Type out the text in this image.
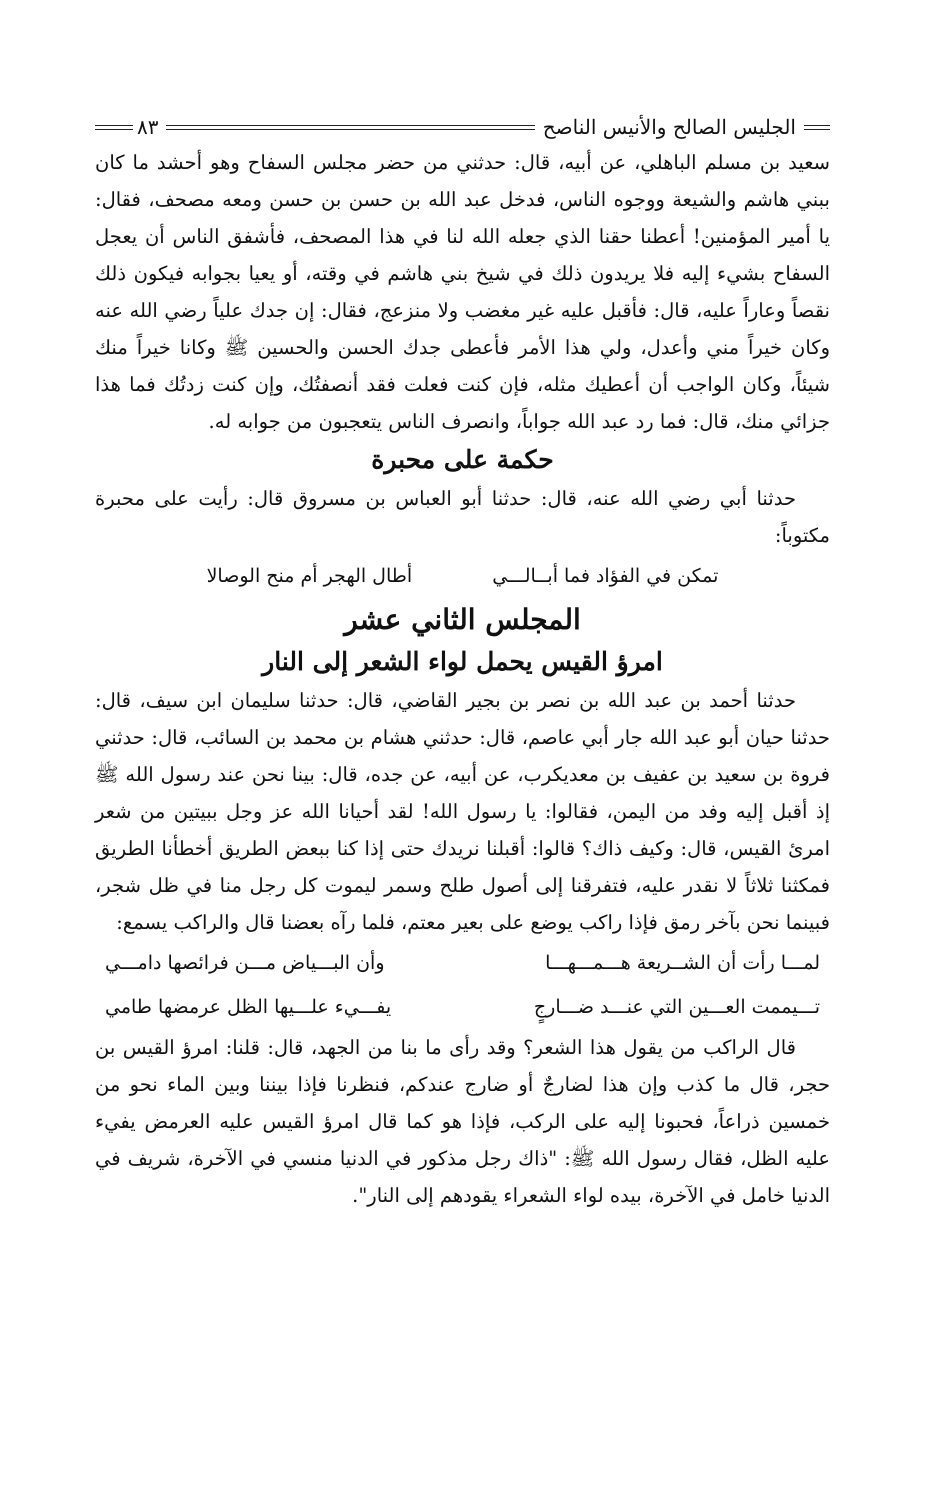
الجليس الصالح والأنيس الناصح
٨٣

سعيد بن مسلم الباهلي، عن أبيه، قال: حدثني من حضر مجلس السفاح وهو أحشد ما كان ببني هاشم والشيعة ووجوه الناس، فدخل عبد الله بن حسن بن حسن ومعه مصحف، فقال: يا أمير المؤمنين! أعطنا حقنا الذي جعله الله لنا في هذا المصحف، فأشفق الناس أن يعجل السفاح بشيء إليه فلا يريدون ذلك في شيخ بني هاشم في وقته، أو يعيا بجوابه فيكون ذلك نقصاً وعاراً عليه، قال: فأقبل عليه غير مغضب ولا منزعج، فقال: إن جدك علياً رضي الله عنه وكان خيراً مني وأعدل، ولي هذا الأمر فأعطى جدك الحسن والحسين ﷺ وكانا خيراً منك شيئاً، وكان الواجب أن أعطيك مثله، فإن كنت فعلت فقد أنصفتُك، وإن كنت زدتُك فما هذا جزائي منك، قال: فما رد عبد الله جواباً، وانصرف الناس يتعجبون من جوابه له.

حكمة على محبرة

حدثنا أبي رضي الله عنه، قال: حدثنا أبو العباس بن مسروق قال: رأيت على محبرة مكتوباً:

تمكن في الفؤاد فما أبــالـــي
أطال الهجر أم منح الوصالا
المجلس الثاني عشر
امرؤ القيس يحمل لواء الشعر إلى النار

حدثنا أحمد بن عبد الله بن نصر بن بجير القاضي، قال: حدثنا سليمان ابن سيف، قال: حدثنا حيان أبو عبد الله جار أبي عاصم، قال: حدثني هشام بن محمد بن السائب، قال: حدثني فروة بن سعيد بن عفيف بن معديكرب، عن أبيه، عن جده، قال: بينا نحن عند رسول الله ﷺ إذ أقبل إليه وفد من اليمن، فقالوا: يا رسول الله! لقد أحيانا الله عز وجل ببيتين من شعر امرئ القيس، قال: وكيف ذاك؟ قالوا: أقبلنا نريدك حتى إذا كنا ببعض الطريق أخطأنا الطريق فمكثنا ثلاثاً لا نقدر عليه، فتفرقنا إلى أصول طلح وسمر ليموت كل رجل منا في ظل شجر، فبينما نحن بآخر رمق فإذا راكب يوضع على بعير معتم، فلما رآه بعضنا قال والراكب يسمع:

لمـــا رأت أن الشــريعة هـــمـــهـــا
وأن البـــياض مـــن فرائصها دامـــي
تـــيممت العـــين التي عنـــد ضـــارجٍ
يفـــيء علـــيها الظل عرمضها طامي

قال الراكب من يقول هذا الشعر؟ وقد رأى ما بنا من الجهد، قال: قلنا: امرؤ القيس بن حجر، قال ما كذب وإن هذا لضارجٌ أو ضارج عندكم، فنظرنا فإذا بيننا وبين الماء نحو من خمسين ذراعاً، فحبونا إليه على الركب، فإذا هو كما قال امرؤ القيس عليه العرمض يفيء عليه الظل، فقال رسول الله ﷺ: "ذاك رجل مذكور في الدنيا منسي في الآخرة، شريف في الدنيا خامل في الآخرة، بيده لواء الشعراء يقودهم إلى النار".
